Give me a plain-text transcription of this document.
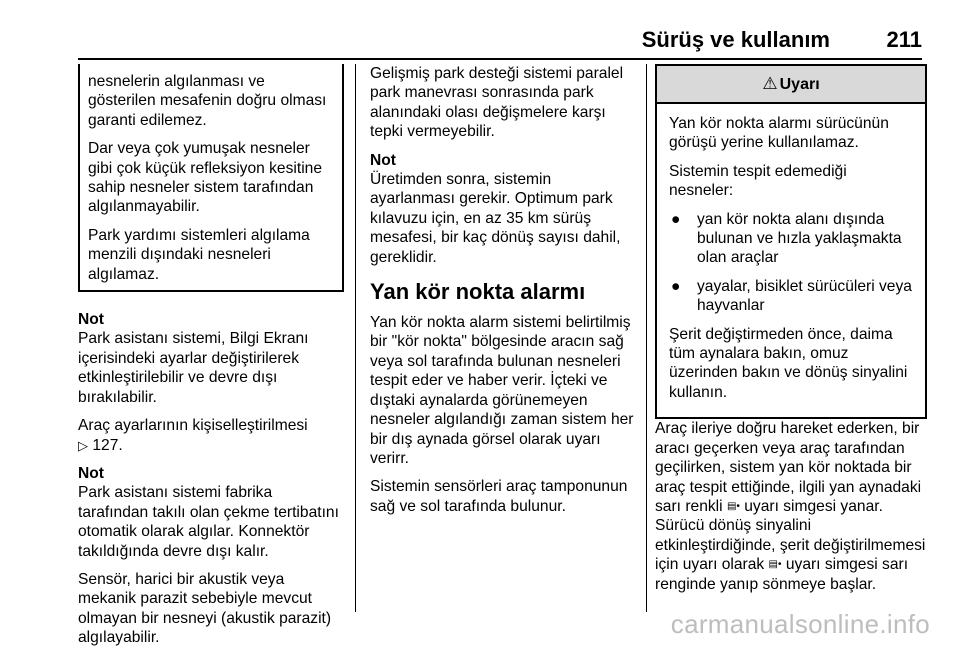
Sürüş ve kullanım	211

nesnelerin algılanması ve gösterilen mesafenin doğru olması garanti edilemez.

Dar veya çok yumuşak nesneler gibi çok küçük refleksiyon kesitine sahip nesneler sistem tarafından algılanmayabilir.

Park yardımı sistemleri algılama menzili dışındaki nesneleri algılamaz.

Not
Park asistanı sistemi, Bilgi Ekranı içerisindeki ayarlar değiştirilerek etkinleştirilebilir ve devre dışı bırakılabilir.

Araç ayarlarının kişiselleştirilmesi
▷ 127.

Not
Park asistanı sistemi fabrika tarafından takılı olan çekme tertibatını otomatik olarak algılar. Konnektör takıldığında devre dışı kalır.

Sensör, harici bir akustik veya mekanik parazit sebebiyle mevcut olmayan bir nesneyi (akustik parazit) algılayabilir.

Gelişmiş park desteği sistemi paralel park manevrası sonrasında park alanındaki olası değişmelere karşı tepki vermeyebilir.

Not
Üretimden sonra, sistemin ayarlanması gerekir. Optimum park kılavuzu için, en az 35 km sürüş mesafesi, bir kaç dönüş sayısı dahil, gereklidir.

Yan kör nokta alarmı

Yan kör nokta alarm sistemi belirtilmiş bir "kör nokta" bölgesinde aracın sağ veya sol tarafında bulunan nesneleri tespit eder ve haber verir. İçteki ve dıştaki aynalarda görünemeyen nesneler algılandığı zaman sistem her bir dış aynada görsel olarak uyarı verirr.

Sistemin sensörleri araç tamponunun sağ ve sol tarafında bulunur.

⚠ Uyarı

Yan kör nokta alarmı sürücünün görüşü yerine kullanılamaz.

Sistemin tespit edemediği nesneler:

● yan kör nokta alanı dışında bulunan ve hızla yaklaşmakta olan araçlar
● yayalar, bisiklet sürücüleri veya hayvanlar

Şerit değiştirmeden önce, daima tüm aynalara bakın, omuz üzerinden bakın ve dönüş sinyalini kullanın.

Araç ileriye doğru hareket ederken, bir aracı geçerken veya araç tarafından geçilirken, sistem yan kör noktada bir araç tespit ettiğinde, ilgili yan aynadaki sarı renkli ▤​• uyarı simgesi yanar. Sürücü dönüş sinyalini etkinleştirdiğinde, şerit değiştirilmemesi için uyarı olarak ▤​• uyarı simgesi sarı renginde yanıp sönmeye başlar.

carmanualsonline.info
